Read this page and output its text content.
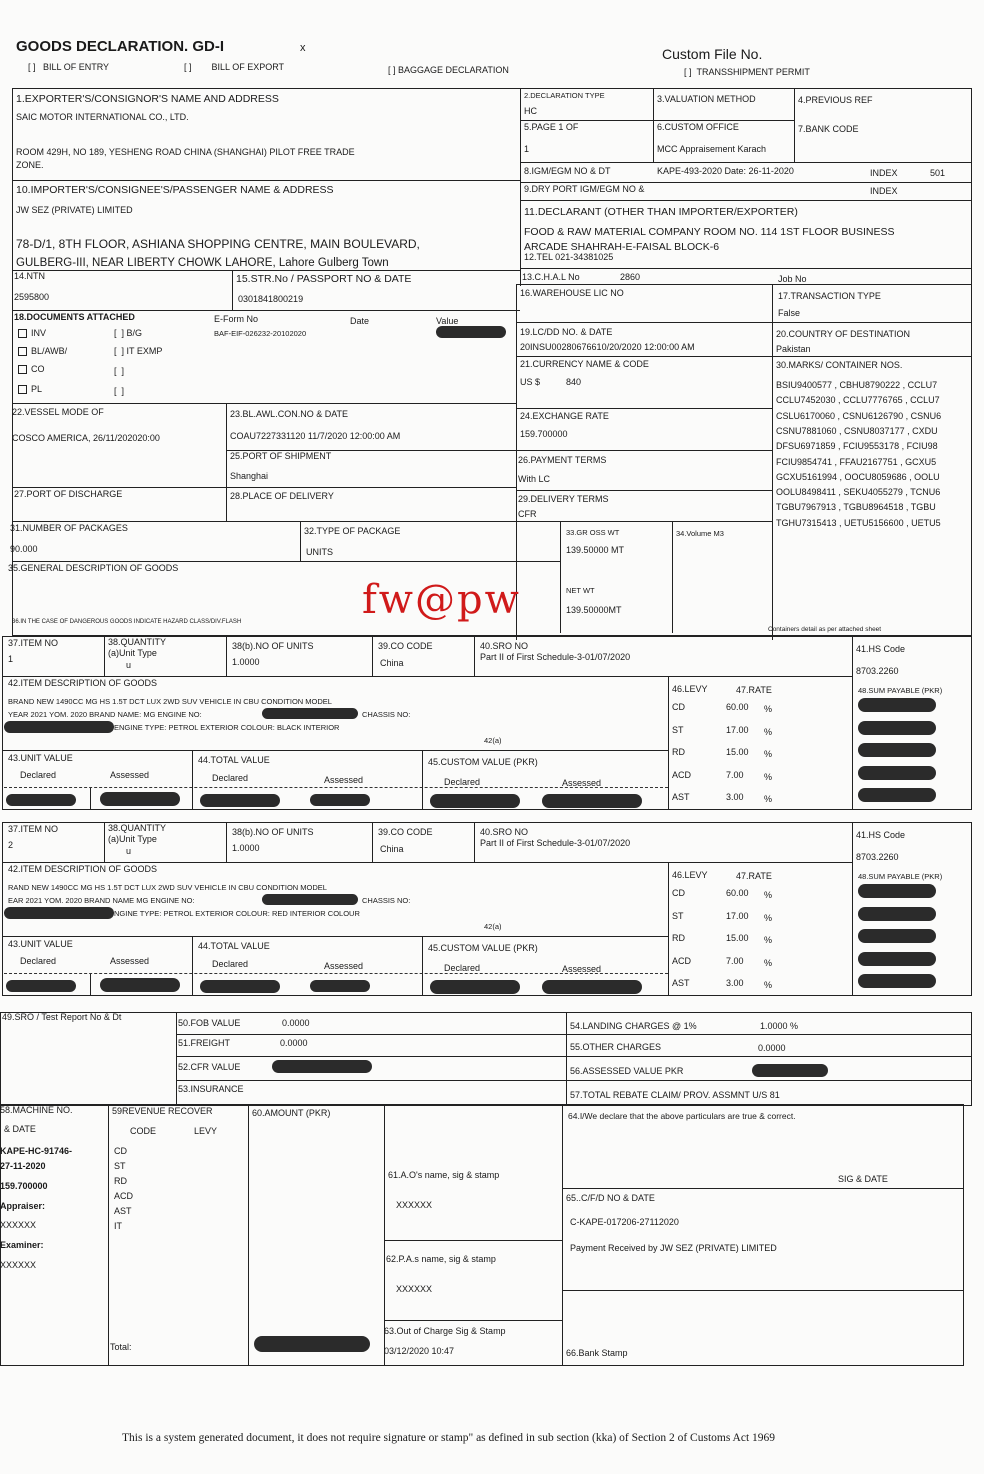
GOODS DECLARATION. GD-I	x
[ ] BILL OF ENTRY	[ ] BILL OF EXPORT	[ ] BAGGAGE DECLARATION
Custom File No.
[ ] TRANSSHIPMENT PERMIT
1.EXPORTER'S/CONSIGNOR'S NAME AND ADDRESS
SAIC MOTOR INTERNATIONAL CO., LTD.
ROOM 429H, NO 189, YESHENG ROAD CHINA (SHANGHAI) PILOT FREE TRADE
ZONE.
2.DECLARATION TYPE
HC
3.VALUATION METHOD	4.PREVIOUS REF
5.PAGE 1 OF
1
6.CUSTOM OFFICE
MCC Appraisement Karach
7.BANK CODE
8.IGM/EGM NO & DT	KAPE-493-2020 Date: 26-11-2020	INDEX	501
9.DRY PORT IGM/EGM NO &	INDEX
10.IMPORTER'S/CONSIGNEE'S/PASSENGER NAME & ADDRESS
JW SEZ (PRIVATE) LIMITED
78-D/1, 8TH FLOOR, ASHIANA SHOPPING CENTRE, MAIN BOULEVARD,
GULBERG-III, NEAR LIBERTY CHOWK LAHORE, Lahore Gulberg Town
11.DECLARANT (OTHER THAN IMPORTER/EXPORTER)
FOOD & RAW MATERIAL COMPANY ROOM NO. 114 1ST FLOOR BUSINESS
ARCADE SHAHRAH-E-FAISAL BLOCK-6
12.TEL 021-34381025
14.NTN
2595800
15.STR.No / PASSPORT NO & DATE
0301841800219
13.C.H.A.L No	2860	Job No
16.WAREHOUSE LIC NO	17.TRANSACTION TYPE
False
18.DOCUMENTS ATTACHED	E-Form No	Date	Value
BAF-EIF-026232-20102020
INV	[  ] B/G
BL/AWB/	[  ] IT EXMP
CO	[  ]
PL	[  ]
19.LC/DD NO. & DATE
20INSU00280676610/20/2020 12:00:00 AM
20.COUNTRY OF DESTINATION
Pakistan
21.CURRENCY NAME & CODE
US $	840
30.MARKS/ CONTAINER NOS.
BSIU9400577 , CBHU8790222 , CCLU7
CCLU7452030 , CCLU7776765 , CCLU7
CSLU6170060 , CSNU6126790 , CSNU6
CSNU7881060 , CSNU8037177 , CXDU
DFSU6971859 , FCIU9553178 , FCIU98
FCIU9854741 , FFAU2167751 , GCXU5
GCXU5161994 , OOCU8059686 , OOLU
OOLU8498411 , SEKU4055279 , TCNU6
TGBU7967913 , TGBU8964518 , TGBU
TGHU7315413 , UETU5156600 , UETU5
Containers detail as per attached sheet
22.VESSEL MODE OF
COSCO AMERICA, 26/11/202020:00
23.BL.AWL.CON.NO & DATE
COAU7227331120 11/7/2020 12:00:00 AM
24.EXCHANGE RATE
159.700000
25.PORT OF SHIPMENT
Shanghai
26.PAYMENT TERMS
With LC
27.PORT OF DISCHARGE	28.PLACE OF DELIVERY	29.DELIVERY TERMS
CFR
31.NUMBER OF PACKAGES
90.000
32.TYPE OF PACKAGE
UNITS
33.GR OSS WT
139.50000 MT
34.Volume M3
NET WT
139.50000MT
35.GENERAL DESCRIPTION OF GOODS
36.IN THE CASE OF DANGEROUS GOODS INDICATE HAZARD CLASS/DIV.FLASH	fw@pw
49.SRO / Test Report No & Dt
50.FOB VALUE	0.0000
51.FREIGHT	0.0000
52.CFR VALUE
53.INSURANCE
54.LANDING CHARGES @ 1%	1.0000 %
55.OTHER CHARGES	0.0000
56.ASSESSED VALUE PKR
57.TOTAL REBATE CLAIM/ PROV. ASSMNT U/S 81
58.MACHINE NO.
& DATE
KAPE-HC-91746-
27-11-2020
159.700000
Appraiser:
XXXXXX
Examiner:
XXXXXX
59REVENUE RECOVER
CODE	LEVY
CD
ST
RD
ACD
AST
IT
Total:
60.AMOUNT (PKR)
61.A.O's name, sig & stamp
XXXXXX
62.P.A.s name, sig & stamp
XXXXXX
63.Out of Charge Sig & Stamp
03/12/2020 10:47
64.I/We declare that the above particulars are true & correct.
SIG & DATE
65..C/F/D NO & DATE
C-KAPE-017206-27112020
Payment Received by JW SEZ (PRIVATE) LIMITED
66.Bank Stamp
This is a system generated document, it does not require signature or stamp" as defined in sub section (kka) of Section 2 of Customs Act 1969
37.ITEM NO
1
38.QUANTITY
(a)Unit Type
u
38(b).NO OF UNITS
1.0000
39.CO CODE
China
40.SRO NO
Part II of First Schedule-3-01/07/2020
41.HS Code
8703.2260
42.ITEM DESCRIPTION OF GOODS
BRAND NEW 1490CC MG HS 1.5T DCT LUX 2WD SUV VEHICLE IN CBU CONDITION MODEL
YEAR 2021 YOM. 2020 BRAND NAME: MG ENGINE NO:	CHASSIS NO:
ENGINE TYPE: PETROL EXTERIOR COLOUR: BLACK INTERIOR
42(a)
46.LEVY	47.RATE	48.SUM PAYABLE (PKR)
CD	60.00 %
ST	17.00 %
RD	15.00 %
ACD	7.00 %
AST	3.00 %
43.UNIT VALUE
Declared	Assessed
44.TOTAL VALUE
Declared	Assessed
45.CUSTOM VALUE (PKR)
Declared	Assessed
37.ITEM NO
2
38.QUANTITY
(a)Unit Type
u
38(b).NO OF UNITS
1.0000
39.CO CODE
China
40.SRO NO
Part II of First Schedule-3-01/07/2020
41.HS Code
8703.2260
42.ITEM DESCRIPTION OF GOODS
RAND NEW 1490CC MG HS 1.5T DCT LUX 2WD SUV VEHICLE IN CBU CONDITION MODEL
EAR 2021 YOM. 2020 BRAND NAME MG ENGINE NO:	CHASSIS NO:
NGINE TYPE: PETROL EXTERIOR COLOUR: RED INTERIOR COLOUR
42(a)
46.LEVY	47.RATE	48.SUM PAYABLE (PKR)
CD	60.00 %
ST	17.00 %
RD	15.00 %
ACD	7.00 %
AST	3.00 %
43.UNIT VALUE
Declared	Assessed
44.TOTAL VALUE
Declared	Assessed
45.CUSTOM VALUE (PKR)
Declared	Assessed
